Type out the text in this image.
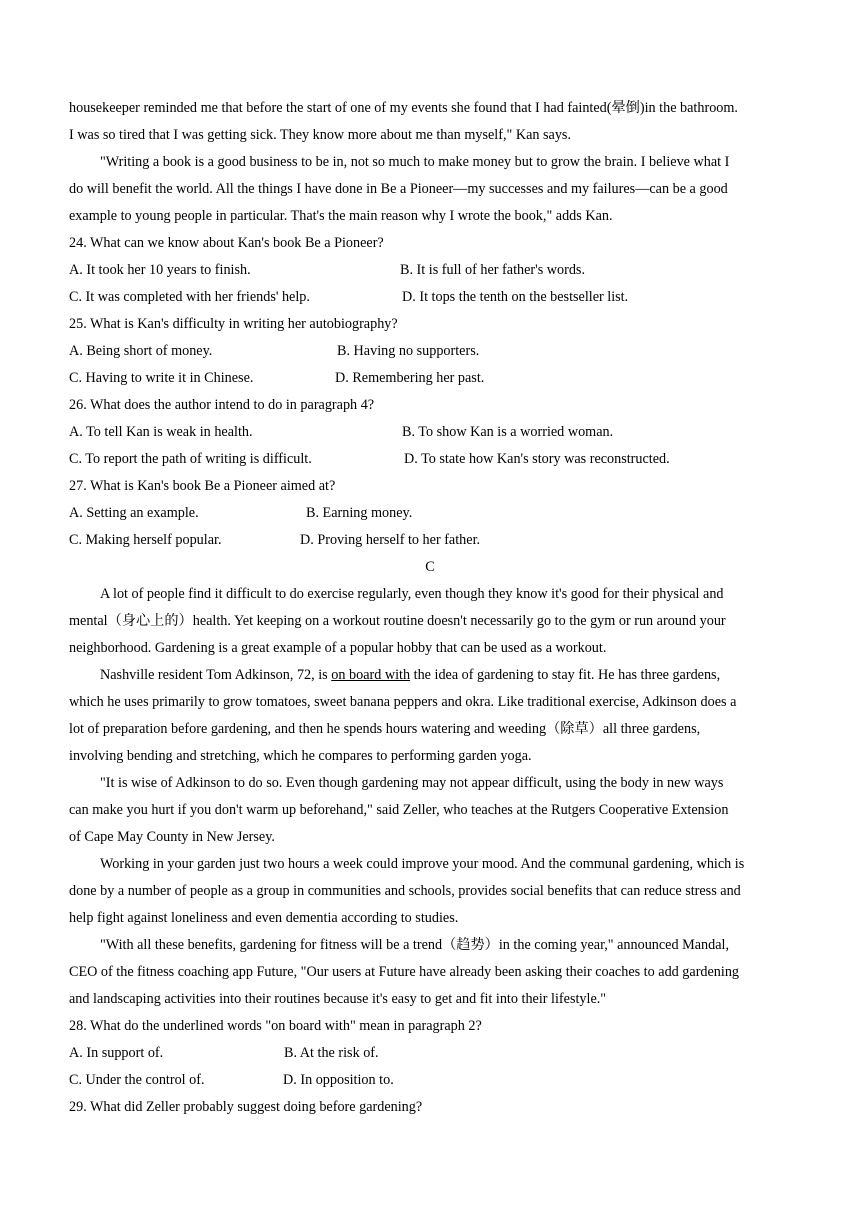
housekeeper reminded me that before the start of one of my events she found that I had fainted(晕倒)in the bathroom.
I was so tired that I was getting sick. They know more about me than myself," Kan says.
"Writing a book is a good business to be in, not so much to make money but to grow the brain. I believe what I
do will benefit the world. All the things I have done in Be a Pioneer—my successes and my failures—can be a good
example to young people in particular. That's the main reason why I wrote the book," adds Kan.
24. What can we know about Kan's book Be a Pioneer?
A. It took her 10 years to finish.	B. It is full of her father's words.
C. It was completed with her friends' help.	D. It tops the tenth on the bestseller list.
25. What is Kan's difficulty in writing her autobiography?
A. Being short of money.	B. Having no supporters.
C. Having to write it in Chinese.	D. Remembering her past.
26. What does the author intend to do in paragraph 4?
A. To tell Kan is weak in health.	B. To show Kan is a worried woman.
C. To report the path of writing is difficult.	D. To state how Kan's story was reconstructed.
27. What is Kan's book Be a Pioneer aimed at?
A. Setting an example.	B. Earning money.
C. Making herself popular.	D. Proving herself to her father.
C
A lot of people find it difficult to do exercise regularly, even though they know it's good for their physical and
mental（身心上的）health. Yet keeping on a workout routine doesn't necessarily go to the gym or run around your
neighborhood. Gardening is a great example of a popular hobby that can be used as a workout.
Nashville resident Tom Adkinson, 72, is on board with the idea of gardening to stay fit. He has three gardens,
which he uses primarily to grow tomatoes, sweet banana peppers and okra. Like traditional exercise, Adkinson does a
lot of preparation before gardening, and then he spends hours watering and weeding（除草）all three gardens,
involving bending and stretching, which he compares to performing garden yoga.
"It is wise of Adkinson to do so. Even though gardening may not appear difficult, using the body in new ways
can make you hurt if you don't warm up beforehand," said Zeller, who teaches at the Rutgers Cooperative Extension
of Cape May County in New Jersey.
Working in your garden just two hours a week could improve your mood. And the communal gardening, which is
done by a number of people as a group in communities and schools, provides social benefits that can reduce stress and
help fight against loneliness and even dementia according to studies.
"With all these benefits, gardening for fitness will be a trend（趋势）in the coming year," announced Mandal,
CEO of the fitness coaching app Future, "Our users at Future have already been asking their coaches to add gardening
and landscaping activities into their routines because it's easy to get and fit into their lifestyle."
28. What do the underlined words "on board with" mean in paragraph 2?
A. In support of.	B. At the risk of.
C. Under the control of.	D. In opposition to.
29. What did Zeller probably suggest doing before gardening?
